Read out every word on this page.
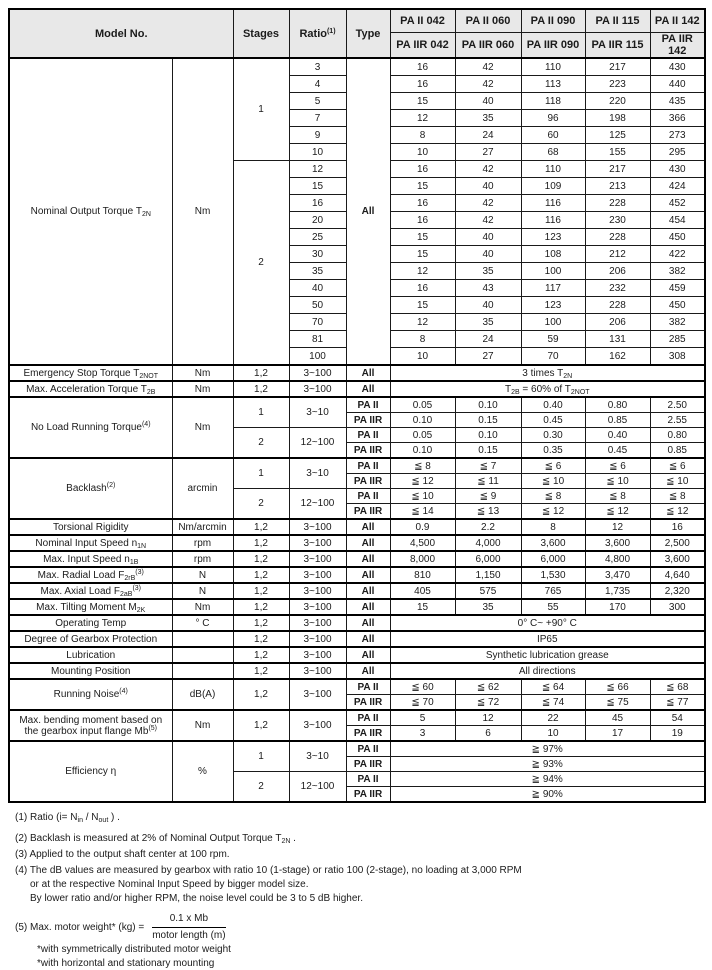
Model No.		Stages	Ratio$^{(1)}$	Type	PA II 042	PA II 060	PA II 090	PA II 115	PA II 142
					PA IIR 042	PA IIR 060	PA IIR 090	PA IIR 115	PA IIR 142
Nominal Output Torque $T_{2N}$	Nm	1	3	All	16	42	110	217	430
			4		16	42	113	223	440
			5		15	40	118	220	435
			7		12	35	96	198	366
			9		8	24	60	125	273
			10		10	27	68	155	295
		2	12		16	42	110	217	430
			15		15	40	109	213	424
			16		16	42	116	228	452
			20		16	42	116	230	454
			25		15	40	123	228	450
			30		15	40	108	212	422
			35		12	35	100	206	382
			40		16	43	117	232	459
			50		15	40	123	228	450
			70		12	35	100	206	382
			81		8	24	59	131	285
			100		10	27	70	162	308
Emergency Stop Torque $T_{2NOT}$	Nm	1,2	3~100	All	3 times $T_{2N}$
Max. Acceleration Torque $T_{2B}$	Nm	1,2	3~100	All	$T_{2B} = 60\%$ of $T_{2NOT}$
No Load Running Torque$^{(4)}$	Nm	1	3~10	PA II	0.05	0.10	0.40	0.80	2.50
				PA IIR	0.10	0.15	0.45	0.85	2.55
		2	12~100	PA II	0.05	0.10	0.30	0.40	0.80
				PA IIR	0.10	0.15	0.35	0.45	0.85
Backlash$^{(2)}$	arcmin	1	3~10	PA II	≦ 8	≦ 7	≦ 6	≦ 6	≦ 6
				PA IIR	≦ 12	≦ 11	≦ 10	≦ 10	≦ 10
		2	12~100	PA II	≦ 10	≦ 9	≦ 8	≦ 8	≦ 8
				PA IIR	≦ 14	≦ 13	≦ 12	≦ 12	≦ 12
Torsional Rigidity	Nm/arcmin	1,2	3~100	All	0.9	2.2	8	12	16
Nominal Input Speed $n_{1N}$	rpm	1,2	3~100	All	4,500	4,000	3,600	3,600	2,500
Max. Input Speed $n_{1B}$	rpm	1,2	3~100	All	8,000	6,000	6,000	4,800	3,600
Max. Radial Load $F_{2rB}^{(3)}$	N	1,2	3~100	All	810	1,150	1,530	3,470	4,640
Max. Axial Load $F_{2aB}^{(3)}$	N	1,2	3~100	All	405	575	765	1,735	2,320
Max. Tilting Moment $M_{2K}$	Nm	1,2	3~100	All	15	35	55	170	300
Operating Temp	° C	1,2	3~100	All	0° C~ +90° C				
Degree of Gearbox Protection		1,2	3~100	All	IP65				
Lubrication		1,2	3~100	All	Synthetic lubrication grease				
Mounting Position		1,2	3~100	All	All directions				
Running Noise$^{(4)}$	dB(A)	1,2	3~100	PA II	≦ 60	≦ 62	≦ 64	≦ 66	≦ 68
				PA IIR	≦ 70	≦ 72	≦ 74	≦ 75	≦ 77
Max. bending moment based on the gearbox input flange Mb$^{(5)}$	Nm	1,2	3~100	PA II	5	12	22	45	54
				PA IIR	3	6	10	17	19
Efficiency η	%	1	3~10	PA II	≧ 97%				
				PA IIR	≧ 93%				
		2	12~100	PA II	≧ 94%				
				PA IIR	≧ 90%				
(1) Ratio ($i= N_{in} / N_{out}$ ) .
(2) Backlash is measured at 2% of Nominal Output Torque $T_{2N}$ .
(3) Applied to the output shaft center at 100 rpm.
(4) The dB values are measured by gearbox with ratio 10 (1-stage) or ratio 100 (2-stage), no loading at 3,000 RPM
or at the respective Nominal Input Speed by bigger model size.
By lower ratio and/or higher RPM, the noise level could be 3 to 5 dB higher.
(5) Max. motor weight* $(kg) = \frac{\text{0.1 x Mb}}{\text{motor length (m)}}$
*with symmetrically distributed motor weight
*with horizontal and stationary mounting
